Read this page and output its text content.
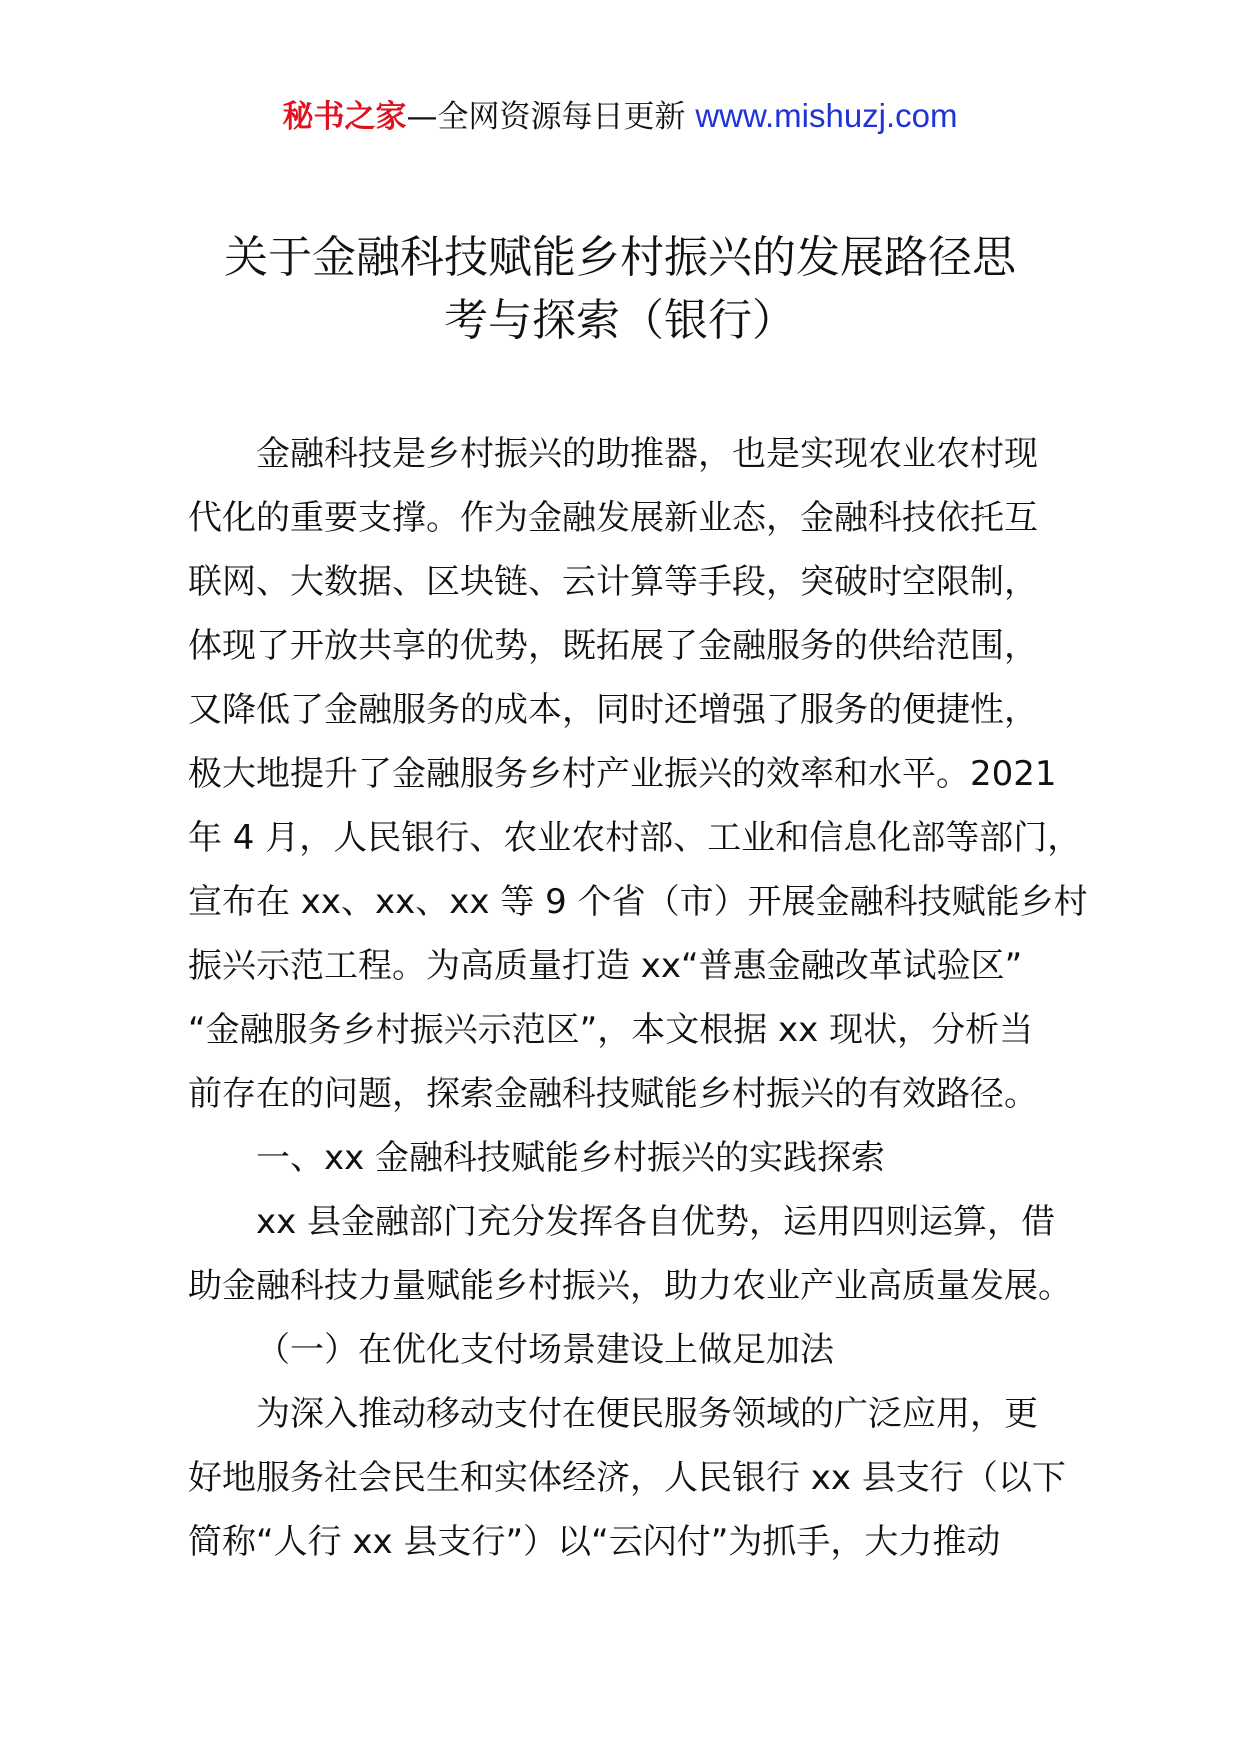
秘书之家—全网资源每日更新 www.mishuzj.com
关于金融科技赋能乡村振兴的发展路径思
考与探索（银行）
金融科技是乡村振兴的助推器，也是实现农业农村现
代化的重要支撑。作为金融发展新业态，金融科技依托互
联网、大数据、区块链、云计算等手段，突破时空限制，
体现了开放共享的优势，既拓展了金融服务的供给范围，
又降低了金融服务的成本，同时还增强了服务的便捷性，
极大地提升了金融服务乡村产业振兴的效率和水平。2021
年 4 月，人民银行、农业农村部、工业和信息化部等部门，
宣布在 xx、xx、xx 等 9 个省（市）开展金融科技赋能乡村
振兴示范工程。为高质量打造 xx“普惠金融改革试验区”
“金融服务乡村振兴示范区”，本文根据 xx 现状，分析当
前存在的问题，探索金融科技赋能乡村振兴的有效路径。
一、xx 金融科技赋能乡村振兴的实践探索
xx 县金融部门充分发挥各自优势，运用四则运算，借
助金融科技力量赋能乡村振兴，助力农业产业高质量发展。
（一）在优化支付场景建设上做足加法
为深入推动移动支付在便民服务领域的广泛应用，更
好地服务社会民生和实体经济，人民银行 xx 县支行（以下
简称“人行 xx 县支行”）以“云闪付”为抓手，大力推动
